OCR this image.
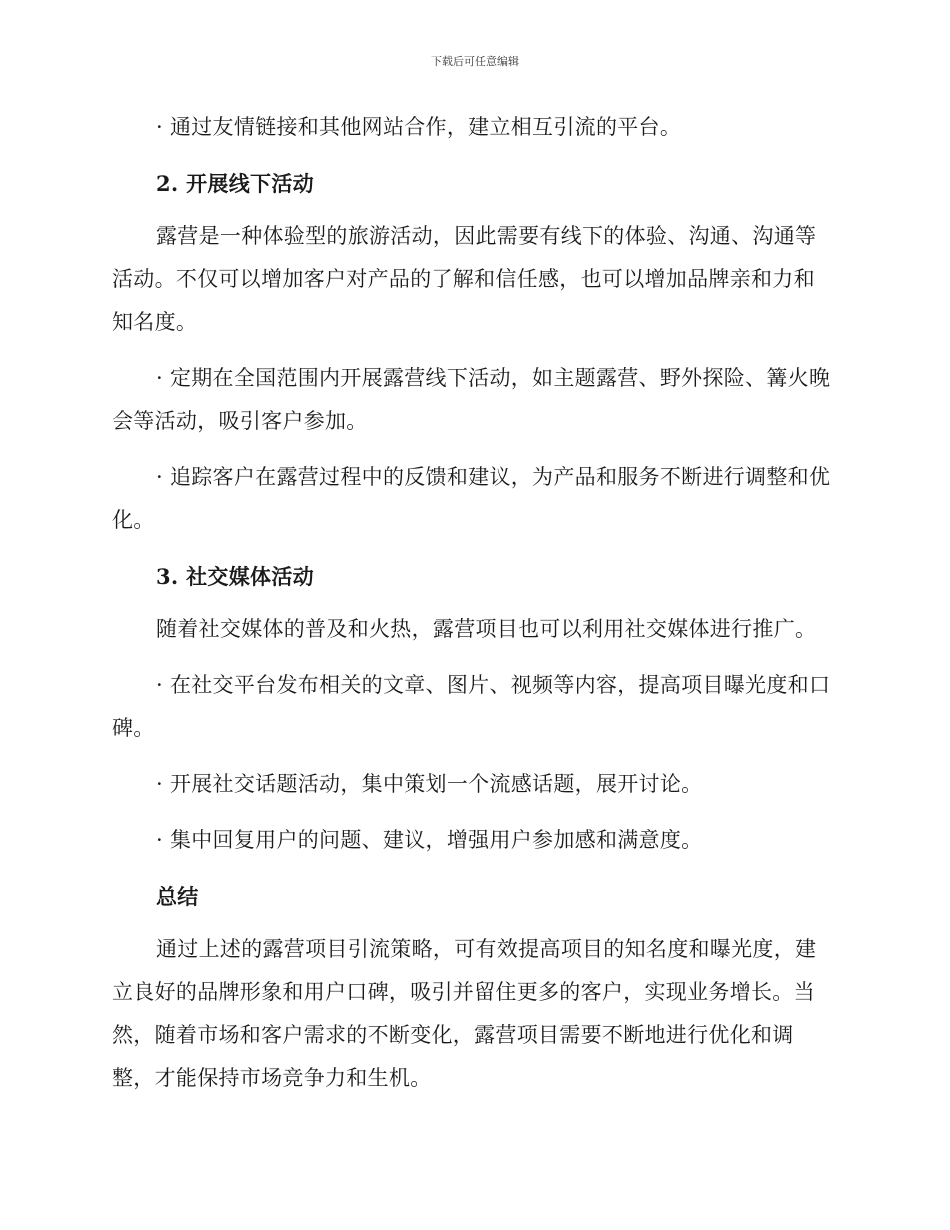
下载后可任意编辑

· 通过友情链接和其他网站合作，建立相互引流的平台。

2. 开展线下活动

露营是一种体验型的旅游活动，因此需要有线下的体验、沟通、沟通等活动。不仅可以增加客户对产品的了解和信任感，也可以增加品牌亲和力和知名度。

· 定期在全国范围内开展露营线下活动，如主题露营、野外探险、篝火晚会等活动，吸引客户参加。

· 追踪客户在露营过程中的反馈和建议，为产品和服务不断进行调整和优化。

3. 社交媒体活动

随着社交媒体的普及和火热，露营项目也可以利用社交媒体进行推广。

· 在社交平台发布相关的文章、图片、视频等内容，提高项目曝光度和口碑。

· 开展社交话题活动，集中策划一个流感话题，展开讨论。

· 集中回复用户的问题、建议，增强用户参加感和满意度。

总结

通过上述的露营项目引流策略，可有效提高项目的知名度和曝光度，建立良好的品牌形象和用户口碑，吸引并留住更多的客户，实现业务增长。当然，随着市场和客户需求的不断变化，露营项目需要不断地进行优化和调整，才能保持市场竞争力和生机。
